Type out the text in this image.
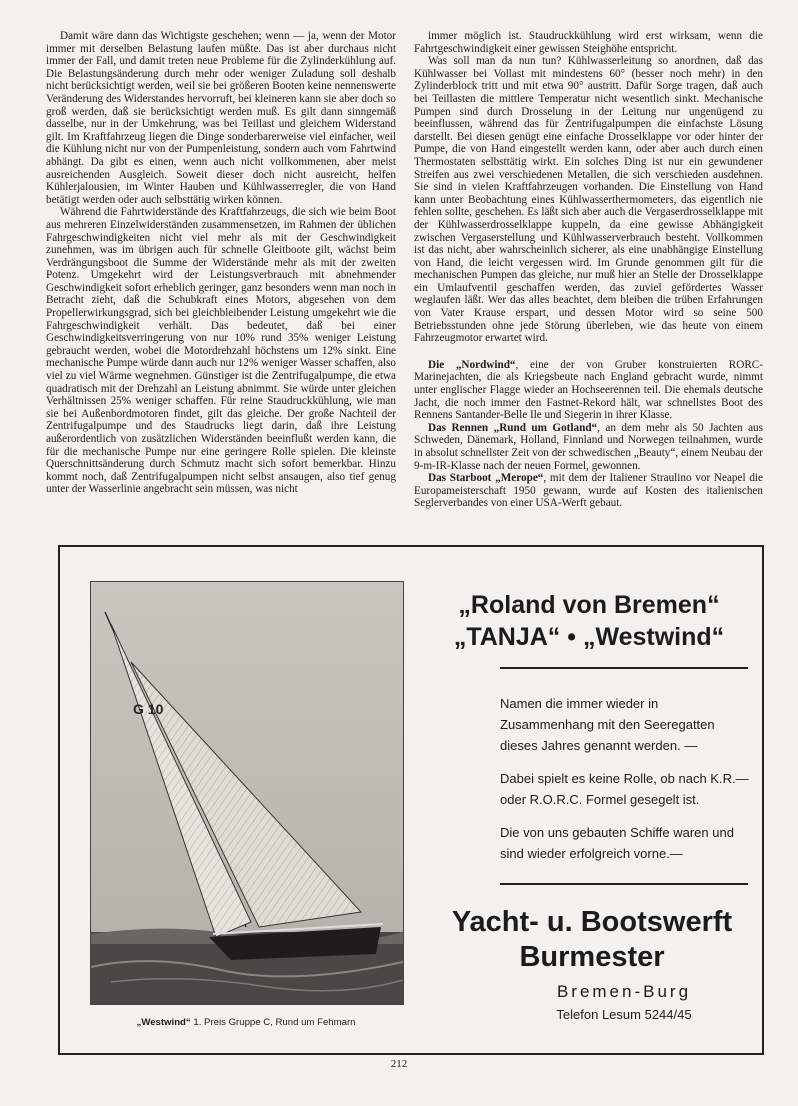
Damit wäre dann das Wichtigste geschehen; wenn — ja, wenn der Motor immer mit derselben Belastung laufen müßte. Das ist aber durchaus nicht immer der Fall, und damit treten neue Probleme für die Zylinderkühlung auf. Die Belastungsänderung durch mehr oder weniger Zuladung soll deshalb nicht berücksichtigt werden, weil sie bei größeren Booten keine nennenswerte Veränderung des Widerstandes hervorruft, bei kleineren kann sie aber doch so groß werden, daß sie berücksichtigt werden muß. Es gilt dann sinngemäß dasselbe, nur in der Umkehrung, was bei Teillast und gleichem Widerstand gilt. Im Kraftfahrzeug liegen die Dinge sonderbarerweise viel einfacher, weil die Kühlung nicht nur von der Pumpenleistung, sondern auch vom Fahrtwind abhängt. Da gibt es einen, wenn auch nicht vollkommenen, aber meist ausreichenden Ausgleich. Soweit dieser doch nicht ausreicht, helfen Kühlerjalousien, im Winter Hauben und Kühlwasserregler, die von Hand betätigt werden oder auch selbsttätig wirken können.

Während die Fahrtwiderstände des Kraftfahrzeugs, die sich wie beim Boot aus mehreren Einzelwiderständen zusammensetzen, im Rahmen der üblichen Fahrgeschwindigkeiten nicht viel mehr als mit der Geschwindigkeit zunehmen, was im übrigen auch für schnelle Gleitboote gilt, wächst beim Verdrängungsboot die Summe der Widerstände mehr als mit der zweiten Potenz. Umgekehrt wird der Leistungsverbrauch mit abnehmender Geschwindigkeit sofort erheblich geringer, ganz besonders wenn man noch in Betracht zieht, daß die Schubkraft eines Motors, abgesehen von dem Propellerwirkungsgrad, sich bei gleichbleibender Leistung umgekehrt wie die Fahrgeschwindigkeit verhält. Das bedeutet, daß bei einer Geschwindigkeitsverringerung von nur 10% rund 35% weniger Leistung gebraucht werden, wobei die Motordrehzahl höchstens um 12% sinkt. Eine mechanische Pumpe würde dann auch nur 12% weniger Wasser schaffen, also viel zu viel Wärme wegnehmen. Günstiger ist die Zentrifugalpumpe, die etwa quadratisch mit der Drehzahl an Leistung abnimmt. Sie würde unter gleichen Verhältnissen 25% weniger schaffen. Für reine Staudruckkühlung, wie man sie bei Außenbordmotoren findet, gilt das gleiche. Der große Nachteil der Zentrifugalpumpe und des Staudrucks liegt darin, daß ihre Leistung außerordentlich von zusätzlichen Widerständen beeinflußt werden kann, die für die mechanische Pumpe nur eine geringere Rolle spielen. Die kleinste Querschnittsänderung durch Schmutz macht sich sofort bemerkbar. Hinzu kommt noch, daß Zentrifugalpumpen nicht selbst ansaugen, also tief genug unter der Wasserlinie angebracht sein müssen, was nicht

immer möglich ist. Staudruckkühlung wird erst wirksam, wenn die Fahrtgeschwindigkeit einer gewissen Steighöhe entspricht.

Was soll man da nun tun? Kühlwasserleitung so anordnen, daß das Kühlwasser bei Vollast mit mindestens 60° (besser noch mehr) in den Zylinderblock tritt und mit etwa 90° austritt. Dafür Sorge tragen, daß auch bei Teillasten die mittlere Temperatur nicht wesentlich sinkt. Mechanische Pumpen sind durch Drosselung in der Leitung nur ungenügend zu beeinflussen, während das für Zentrifugalpumpen die einfachste Lösung darstellt. Bei diesen genügt eine einfache Drosselklappe vor oder hinter der Pumpe, die von Hand eingestellt werden kann, oder aber auch durch einen Thermostaten selbsttätig wirkt. Ein solches Ding ist nur ein gewundener Streifen aus zwei verschiedenen Metallen, die sich verschieden ausdehnen. Sie sind in vielen Kraftfahrzeugen vorhanden. Die Einstellung von Hand kann unter Beobachtung eines Kühlwasserthermometers, das eigentlich nie fehlen sollte, geschehen. Es läßt sich aber auch die Vergaserdrosselklappe mit der Kühlwasserdrosselklappe kuppeln, da eine gewisse Abhängigkeit zwischen Vergaserstellung und Kühlwasserverbrauch besteht. Vollkommen ist das nicht, aber wahrscheinlich sicherer, als eine unabhängige Einstellung von Hand, die leicht vergessen wird. Im Grunde genommen gilt für die mechanischen Pumpen das gleiche, nur muß hier an Stelle der Drosselklappe ein Umlaufventil geschaffen werden, das zuviel gefördertes Wasser weglaufen läßt. Wer das alles beachtet, dem bleiben die trüben Erfahrungen von Vater Krause erspart, und dessen Motor wird so seine 500 Betriebsstunden ohne jede Störung überleben, wie das heute von einem Fahrzeugmotor erwartet wird.

Die „Nordwind“, eine der von Gruber konstruierten RORC-Marinejachten, die als Kriegsbeute nach England gebracht wurde, nimmt unter englischer Flagge wieder an Hochseerennen teil. Die ehemals deutsche Jacht, die noch immer den Fastnet-Rekord hält, war schnellstes Boot des Rennens Santander-Belle Ile und Siegerin in ihrer Klasse.

Das Rennen „Rund um Gotland“, an dem mehr als 50 Jachten aus Schweden, Dänemark, Holland, Finnland und Norwegen teilnahmen, wurde in absolut schnellster Zeit von der schwedischen „Beauty“, einem Neubau der 9-m-IR-Klasse nach der neuen Formel, gewonnen.

Das Starboot „Merope“, mit dem der Italiener Straulino vor Neapel die Europameisterschaft 1950 gewann, wurde auf Kosten des italienischen Seglerverbandes von einer USA-Werft gebaut.

G 10
„Westwind“ 1. Preis Gruppe C, Rund um Fehmarn
„Roland von Bremen“
„TANJA“ • „Westwind“

Namen die immer wieder in Zusammenhang mit den Seeregatten dieses Jahres genannt werden. —

Dabei spielt es keine Rolle, ob nach K.R.— oder R.O.R.C. Formel gesegelt ist.

Die von uns gebauten Schiffe waren und sind wieder erfolgreich vorne.—

Yacht- u. Bootswerft
Burmester
Bremen-Burg
Telefon Lesum 5244/45
212
